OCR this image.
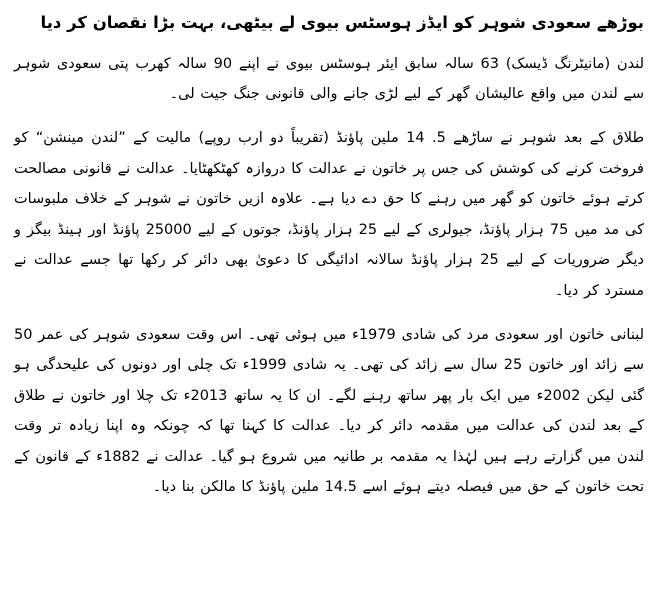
بوڑھے سعودی شوہر کو ایڈز ہوسٹس بیوی لے بیٹھی، بہت بڑا نقصان کر دیا

لندن (مانیٹرنگ ڈیسک) 63 سالہ سابق ایئر ہوسٹس بیوی نے اپنے 90 سالہ کھرب پتی سعودی شوہر سے لندن میں واقع عالیشان گھر کے لیے لڑی جانے والی قانونی جنگ جیت لی۔

طلاق کے بعد شوہر نے ساڑھے 5. 14 ملین پاؤنڈ (تقریباً دو ارب روپے) مالیت کے ”لندن مینشن“ کو فروخت کرنے کی کوشش کی جس پر خاتون نے عدالت کا دروازہ کھٹکھٹایا۔ عدالت نے قانونی مصالحت کرتے ہوئے خاتون کو گھر میں رہنے کا حق دے دیا ہے۔ علاوہ ازیں خاتون نے شوہر کے خلاف ملبوسات کی مد میں 75 ہزار پاؤنڈ، جیولری کے لیے 25 ہزار پاؤنڈ، جوتوں کے لیے 25000 پاؤنڈ اور ہینڈ بیگز و دیگر ضروریات کے لیے 25 ہزار پاؤنڈ سالانہ ادائیگی کا دعویٰ بھی دائر کر رکھا تھا جسے عدالت نے مسترد کر دیا۔

لبنانی خاتون اور سعودی مرد کی شادی 1979ء میں ہوئی تھی۔ اس وقت سعودی شوہر کی عمر 50 سے زائد اور خاتون 25 سال سے زائد کی تھی۔ یہ شادی 1999ء تک چلی اور دونوں کی علیحدگی ہو گئی لیکن 2002ء میں ایک بار پھر ساتھ رہنے لگے۔ ان کا یہ ساتھ 2013ء تک چلا اور خاتون نے طلاق کے بعد لندن کی عدالت میں مقدمہ دائر کر دیا۔ عدالت کا کہنا تھا کہ چونکہ وہ اپنا زیادہ تر وقت لندن میں گزارتے رہے ہیں لہٰذا یہ مقدمہ بر طانیہ میں شروع ہو گیا۔ عدالت نے 1882ء کے قانون کے تحت خاتون کے حق میں فیصلہ دیتے ہوئے اسے 14.5 ملین پاؤنڈ کا مالکن بنا دیا۔
